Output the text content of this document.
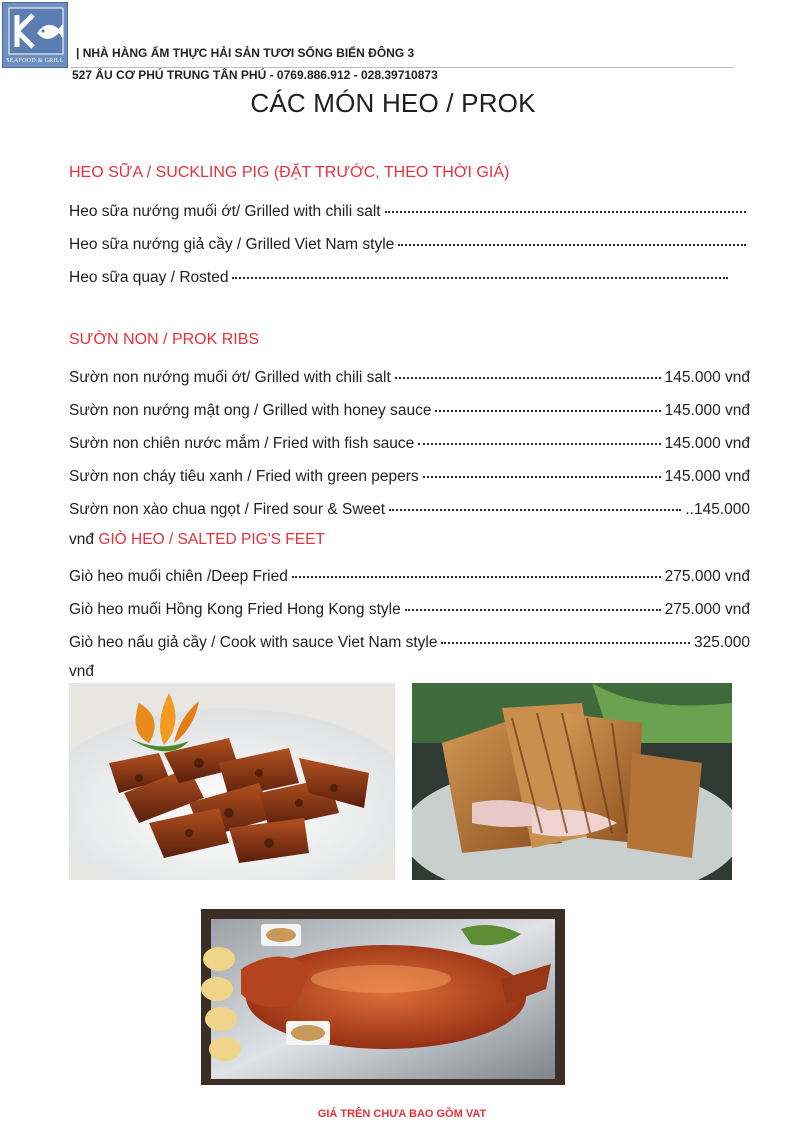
SEAFOOD & GRILL
| NHÀ HÀNG ẨM THỰC HẢI SẢN TƯƠI SỐNG BIỂN ĐÔNG 3
527 ÂU CƠ PHÚ TRUNG TÂN PHÚ - 0769.886.912 - 028.39710873
CÁC MÓN HEO / PROK
HEO SỮA / SUCKLING PIG (ĐẶT TRƯỚC, THEO THỜI GIÁ)
Heo sữa nướng muối ớt/ Grilled with chili salt
Heo sữa nướng giả cầy / Grilled Viet Nam style
Heo sữa quay / Rosted
SƯỜN NON / PROK RIBS
Sườn non nướng muối ớt/ Grilled with chili salt	145.000 vnđ
Sườn non nướng mật ong / Grilled with honey sauce	145.000 vnđ
Sườn non chiên nước mắm / Fried with fish sauce	145.000 vnđ
Sườn non cháy tiêu xanh / Fried with green pepers	145.000 vnđ
Sườn non xào chua ngọt / Fired sour & Sweet	..145.000
vnđ GIÒ HEO / SALTED PIG'S FEET
Giò heo muối chiên /Deep Fried	275.000 vnđ
Giò heo muối Hồng Kong Fried Hong Kong style	275.000 vnđ
Giò heo nấu giả cầy / Cook with sauce Viet Nam style	325.000
vnđ
GIÁ TRÊN CHƯA BAO GỒM VAT
